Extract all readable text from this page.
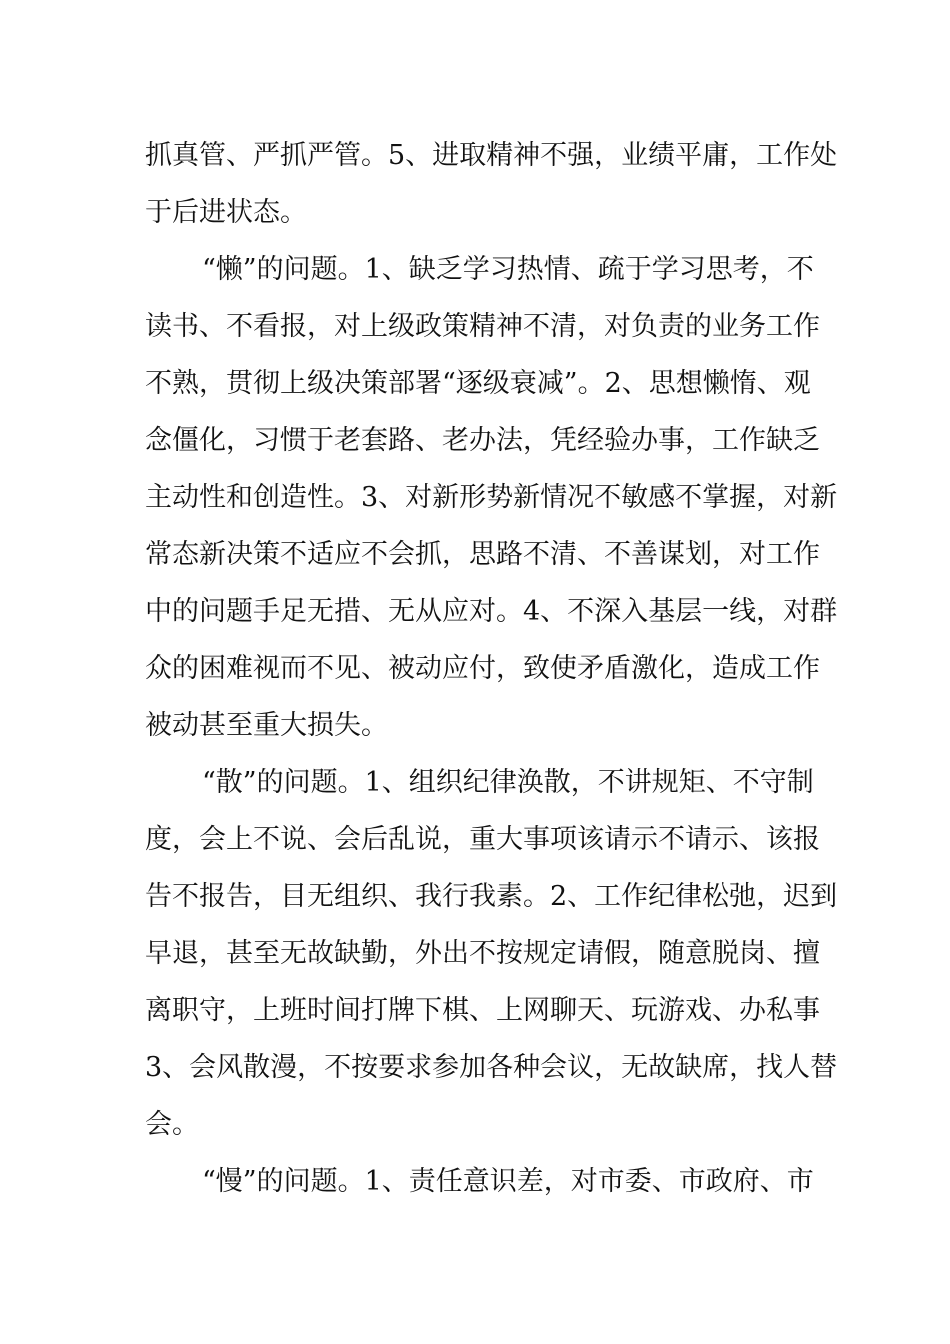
抓真管、严抓严管。5、进取精神不强，业绩平庸，工作处
于后进状态。
“懒”的问题。1、缺乏学习热情、疏于学习思考，不
读书、不看报，对上级政策精神不清，对负责的业务工作
不熟，贯彻上级决策部署“逐级衰减”。2、思想懒惰、观
念僵化，习惯于老套路、老办法，凭经验办事，工作缺乏
主动性和创造性。3、对新形势新情况不敏感不掌握，对新
常态新决策不适应不会抓，思路不清、不善谋划，对工作
中的问题手足无措、无从应对。4、不深入基层一线，对群
众的困难视而不见、被动应付，致使矛盾激化，造成工作
被动甚至重大损失。
“散”的问题。1、组织纪律涣散，不讲规矩、不守制
度，会上不说、会后乱说，重大事项该请示不请示、该报
告不报告，目无组织、我行我素。2、工作纪律松弛，迟到
早退，甚至无故缺勤，外出不按规定请假，随意脱岗、擅
离职守，上班时间打牌下棋、上网聊天、玩游戏、办私事
3、会风散漫，不按要求参加各种会议，无故缺席，找人替
会。
“慢”的问题。1、责任意识差，对市委、市政府、市
